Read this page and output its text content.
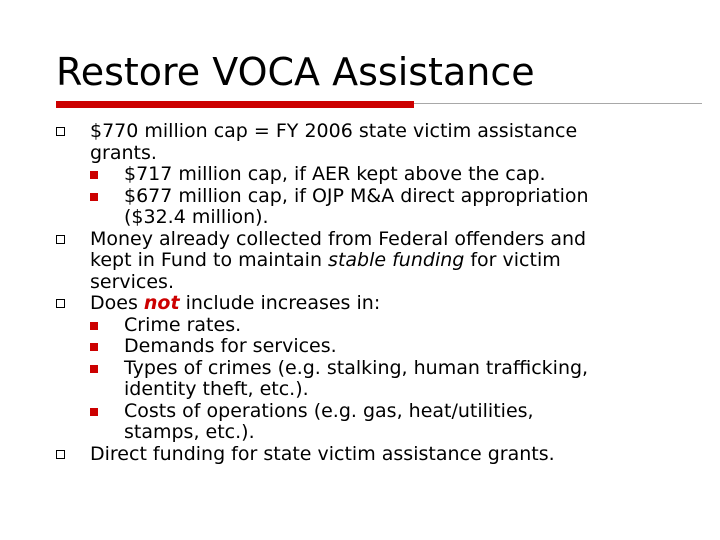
Restore VOCA Assistance
$770 million cap = FY 2006 state victim assistance
grants.
$717 million cap, if AER kept above the cap.
$677 million cap, if OJP M&A direct appropriation
($32.4 million).
Money already collected from Federal offenders and
kept in Fund to maintain stable funding for victim
services.
Does not include increases in:
Crime rates.
Demands for services.
Types of crimes (e.g. stalking, human trafficking,
identity theft, etc.).
Costs of operations (e.g. gas, heat/utilities,
stamps, etc.).
Direct funding for state victim assistance grants.
